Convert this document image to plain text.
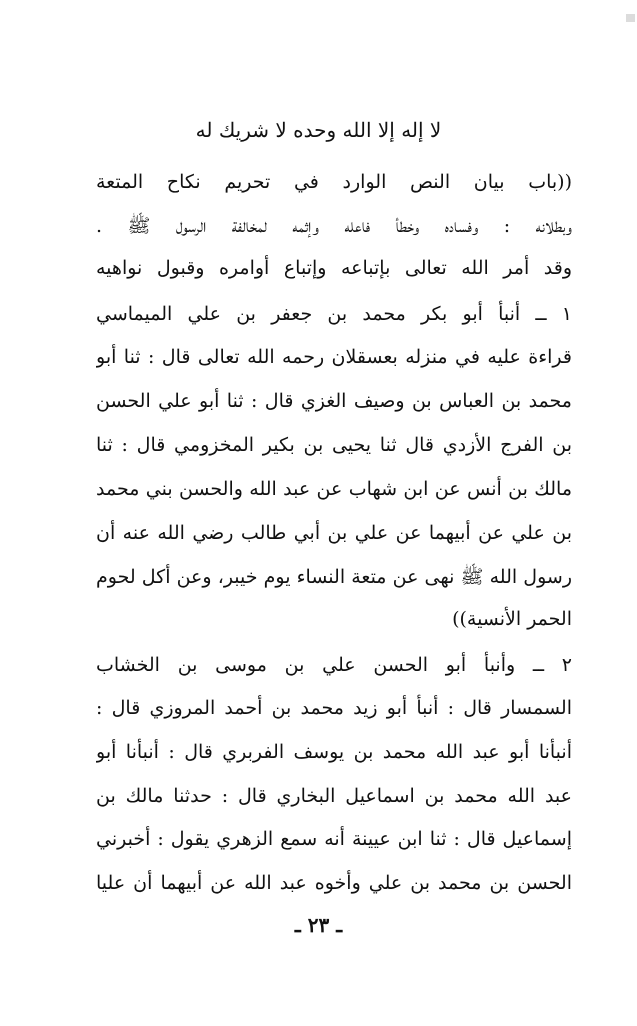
لا إله إلا الله وحده لا شريك له
((باب بيان النص الوارد في تحريم نكاح المتعة
وبطلانه : وفساده وخطأ فاعله وإثمه لمخالفة الرسول ﷺ .
وقد أمر الله تعالى بإتباعه وإتباع أوامره وقبول نواهيه
١ ــ أنبأ أبو بكر محمد بن جعفر بن علي الميماسي
قراءة عليه في منزله بعسقلان رحمه الله تعالى قال : ثنا أبو
محمد بن العباس بن وصيف الغزي قال : ثنا أبو علي الحسن
بن الفرج الأزدي قال ثنا يحيى بن بكير المخزومي قال : ثنا
مالك بن أنس عن ابن شهاب عن عبد الله والحسن بني محمد
بن علي عن أبيهما عن علي بن أبي طالب رضي الله عنه أن
رسول الله ﷺ نهى عن متعة النساء يوم خيبر، وعن أكل لحوم
الحمر الأنسية))
٢ ــ وأنبأ أبو الحسن علي بن موسى بن الخشاب
السمسار قال : أنبأ أبو زيد محمد بن أحمد المروزي قال :
أنبأنا أبو عبد الله محمد بن يوسف الفربري قال : أنبأنا أبو
عبد الله محمد بن اسماعيل البخاري قال : حدثنا مالك بن
إسماعيل قال : ثنا ابن عيينة أنه سمع الزهري يقول : أخبرني
الحسن بن محمد بن علي وأخوه عبد الله عن أبيهما أن عليا
ـ ٢٣ ـ
